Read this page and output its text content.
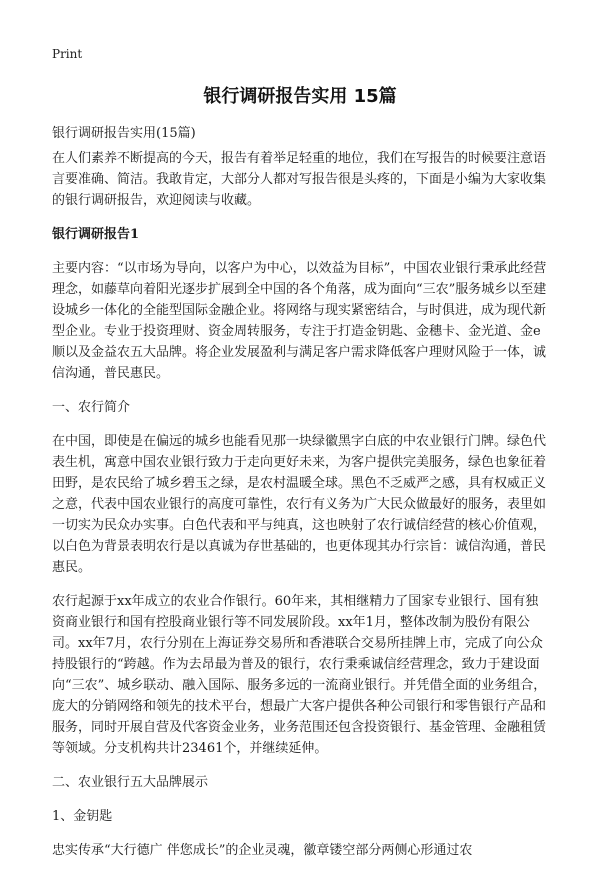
Print
银行调研报告实用 15篇

银行调研报告实用(15篇)

在人们素养不断提高的今天，报告有着举足轻重的地位，我们在写报告的时候要注意语言要准确、简洁。我敢肯定，大部分人都对写报告很是头疼的，下面是小编为大家收集的银行调研报告，欢迎阅读与收藏。

银行调研报告1

主要内容：“以市场为导向，以客户为中心，以效益为目标”，中国农业银行秉承此经营理念，如藤草向着阳光逐步扩展到全中国的各个角落，成为面向“三农”服务城乡以至建设城乡一体化的全能型国际金融企业。将网络与现实紧密结合，与时俱进，成为现代新型企业。专业于投资理财、资金周转服务，专注于打造金钥匙、金穗卡、金光道、金e顺以及金益农五大品牌。将企业发展盈利与满足客户需求降低客户理财风险于一体，诚信沟通，普民惠民。

一、农行简介

在中国，即使是在偏远的城乡也能看见那一块绿徽黑字白底的中农业银行门牌。绿色代表生机，寓意中国农业银行致力于走向更好未来，为客户提供完美服务，绿色也象征着田野，是农民给了城乡碧玉之绿，是农村温暖全球。黑色不乏威严之感，具有权威正义之意，代表中国农业银行的高度可靠性，农行有义务为广大民众做最好的服务，表里如一切实为民众办实事。白色代表和平与纯真，这也映射了农行诚信经营的核心价值观，以白色为背景表明农行是以真诚为存世基础的，也更体现其办行宗旨：诚信沟通，普民惠民。

农行起源于xx年成立的农业合作银行。60年来，其相继精力了国家专业银行、国有独资商业银行和国有控股商业银行等不同发展阶段。xx年1月，整体改制为股份有限公司。xx年7月，农行分别在上海证券交易所和香港联合交易所挂牌上市，完成了向公众持股银行的“跨越。作为去昂最为普及的银行，农行秉乘诚信经营理念，致力于建设面向“三农”、城乡联动、融入国际、服务多远的一流商业银行。并凭借全面的业务组合，庞大的分销网络和领先的技术平台，想最广大客户提供各种公司银行和零售银行产品和服务，同时开展自营及代客资金业务，业务范围还包含投资银行、基金管理、金融租赁等领域。分支机构共计23461个，并继续延伸。

二、农业银行五大品牌展示

1、金钥匙

忠实传承“大行德广 伴您成长”的企业灵魂，徽章镂空部分两侧心形通过农
